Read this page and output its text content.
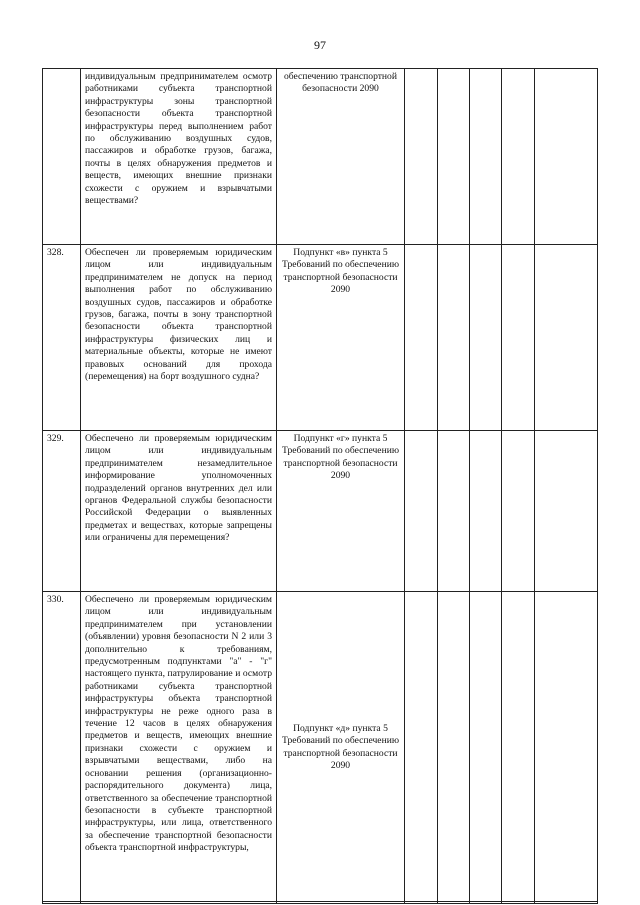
97
	индивидуальным предпринимателем осмотр работниками субъекта транспортной инфраструктуры зоны транспортной безопасности объекта транспортной инфраструктуры перед выполнением работ по обслуживанию воздушных судов, пассажиров и обработке грузов, багажа, почты в целях обнаружения предметов и веществ, имеющих внешние признаки схожести с оружием и взрывчатыми веществами?	обеспечению транспортной безопасности 2090					

328.	Обеспечен ли проверяемым юридическим лицом или индивидуальным предпринимателем не допуск на период выполнения работ по обслуживанию воздушных судов, пассажиров и обработке грузов, багажа, почты в зону транспортной безопасности объекта транспортной инфраструктуры физических лиц и материальные объекты, которые не имеют правовых оснований для прохода (перемещения) на борт воздушного судна?	Подпункт «в» пункта 5 Требований по обеспечению транспортной безопасности 2090					

329.	Обеспечено ли проверяемым юридическим лицом или индивидуальным предпринимателем незамедлительное информирование уполномоченных подразделений органов внутренних дел или органов Федеральной службы безопасности Российской Федерации о выявленных предметах и веществах, которые запрещены или ограничены для перемещения?	Подпункт «г» пункта 5 Требований по обеспечению транспортной безопасности 2090					

330.	Обеспечено ли проверяемым юридическим лицом или индивидуальным предпринимателем при установлении (объявлении) уровня безопасности N 2 или 3 дополнительно к требованиям, предусмотренным подпунктами "а" - "г" настоящего пункта, патрулирование и осмотр работниками субъекта транспортной инфраструктуры объекта транспортной инфраструктуры не реже одного раза в течение 12 часов в целях обнаружения предметов и веществ, имеющих внешние признаки схожести с оружием и взрывчатыми веществами, либо на основании решения (организационно-распорядительного документа) лица, ответственного за обеспечение транспортной безопасности в субъекте транспортной инфраструктуры, или лица, ответственного за обеспечение транспортной безопасности объекта транспортной инфраструктуры,	Подпункт «д» пункта 5 Требований по обеспечению транспортной безопасности 2090					
